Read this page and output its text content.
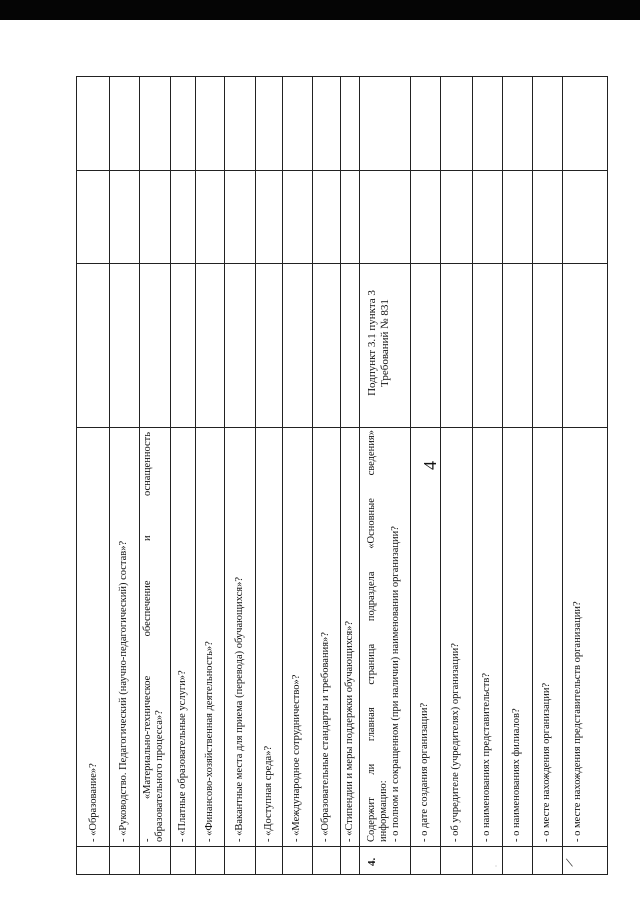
4
- «Образование»? - «Руководство. Педагогический (научно-педагогический) состав»? - «Материально-техническое обеспечение и оснащенность образовательного процесса»? - «Платные образовательные услуги»? - «Финансово-хозяйственная деятельность»? - «Вакантные места для приема (перевода) обучающихся»? - «Доступная среда»? - «Международное сотрудничество»? - «Образовательные стандарты и требования»? - «Стипендии и меры поддержки обучающихся»?
4.
Содержит ли главная страница подраздела «Основные сведения» информацию: - о полном и сокращенном (при наличии) наименовании организации?
Подпункт 3.1 пункта 3 Требований № 831
- о дате создания организации? - об учредителе (учредителях) организации? - о наименованиях представительств? - о наименованиях филиалов? - о месте нахождения организации? - о месте нахождения представительств организации?
\
